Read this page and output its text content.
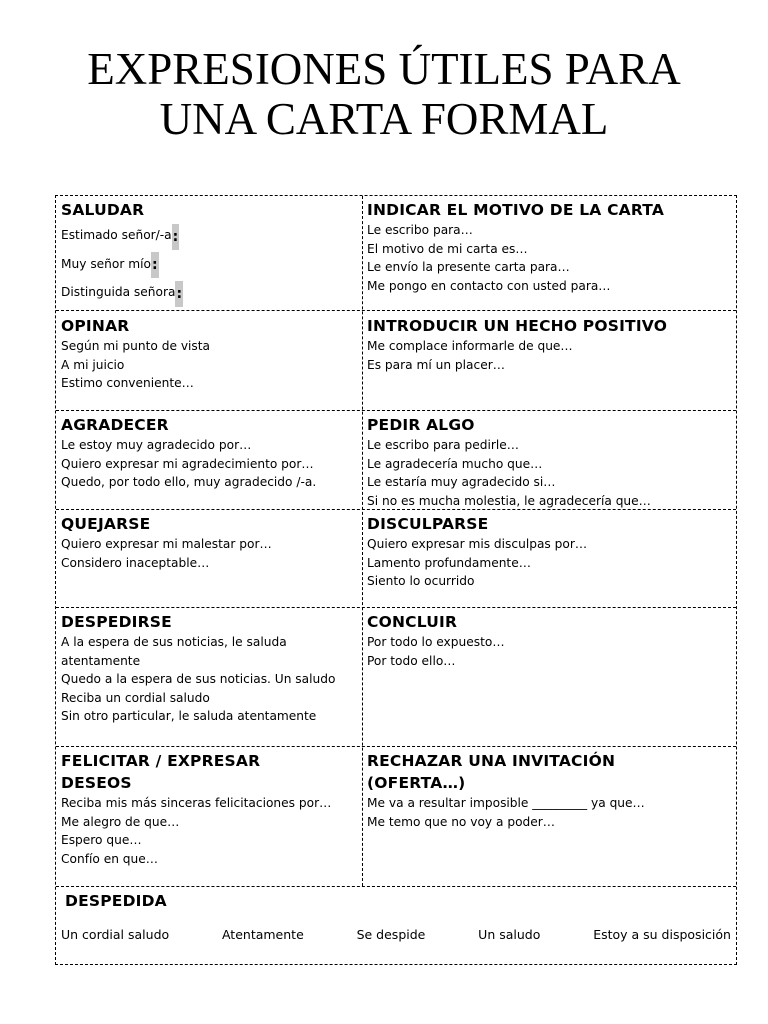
EXPRESIONES ÚTILES PARA
UNA CARTA FORMAL
SALUDAR
Estimado señor/-a:
Muy señor mío:
Distinguida señora:
INDICAR EL MOTIVO DE LA CARTA
Le escribo para…
El motivo de mi carta es…
Le envío la presente carta para…
Me pongo en contacto con usted para…
OPINAR
Según mi punto de vista
A mi juicio
Estimo conveniente…
INTRODUCIR UN HECHO POSITIVO
Me complace informarle de que…
Es para mí un placer…
AGRADECER
Le estoy muy agradecido por…
Quiero expresar mi agradecimiento por…
Quedo, por todo ello, muy agradecido /-a.
PEDIR ALGO
Le escribo para pedirle…
Le agradecería mucho que…
Le estaría muy agradecido si…
Si no es mucha molestia, le agradecería que…
QUEJARSE
Quiero expresar mi malestar por…
Considero inaceptable…
DISCULPARSE
Quiero expresar mis disculpas por…
Lamento profundamente…
Siento lo ocurrido
DESPEDIRSE
A la espera de sus noticias, le saluda
atentamente
Quedo a la espera de sus noticias. Un saludo
Reciba un cordial saludo
Sin otro particular, le saluda atentamente
CONCLUIR
Por todo lo expuesto…
Por todo ello…
FELICITAR / EXPRESAR
DESEOS
Reciba mis más sinceras felicitaciones por…
Me alegro de que…
Espero que…
Confío en que…
RECHAZAR UNA INVITACIÓN
(OFERTA…)
Me va a resultar imposible _________ ya que…
Me temo que no voy a poder…
DESPEDIDA
Un cordial saludo	Atentamente	Se despide	Un saludo	Estoy a su disposición
